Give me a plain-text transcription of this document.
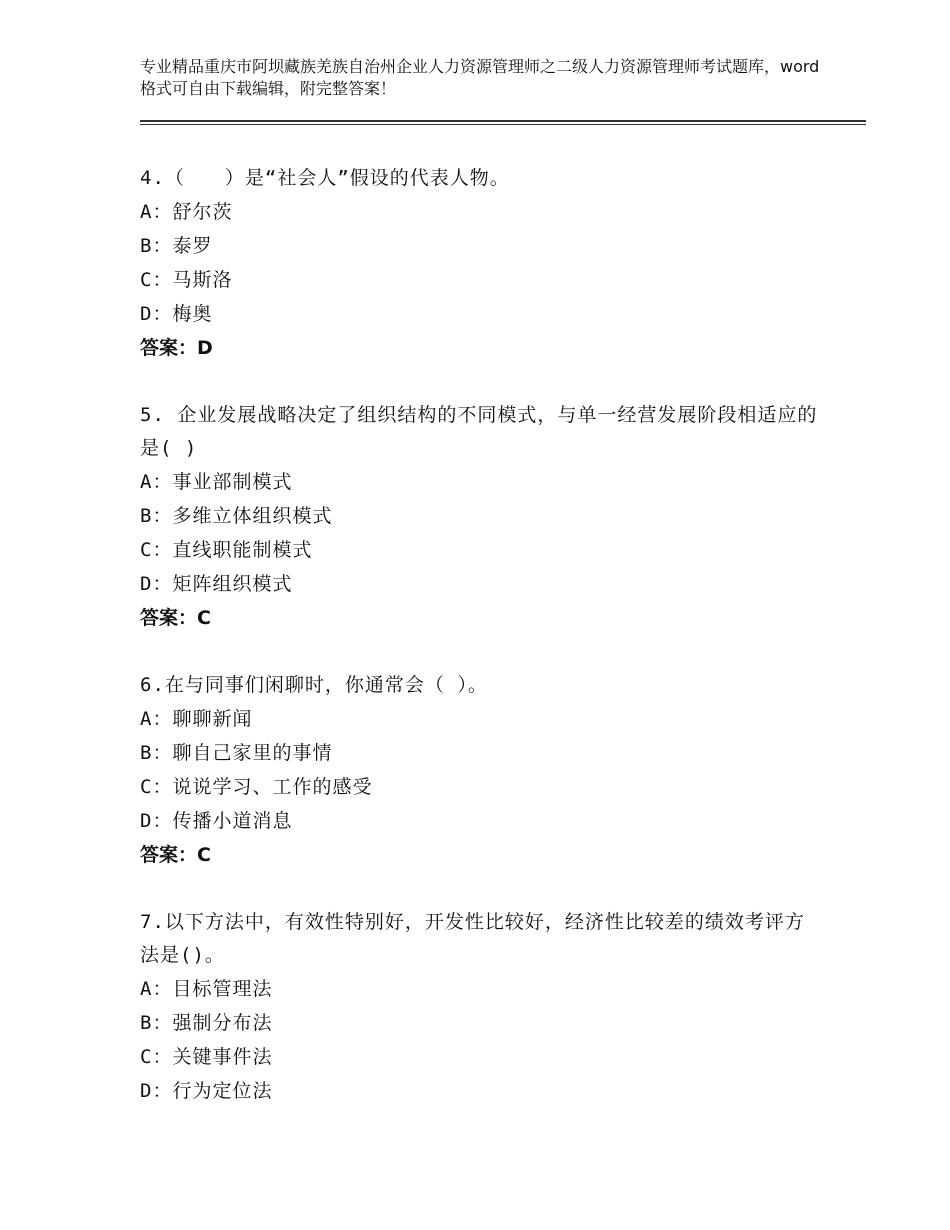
专业精品重庆市阿坝藏族羌族自治州企业人力资源管理师之二级人力资源管理师考试题库，word格式可自由下载编辑，附完整答案！

4.（　　）是“社会人”假设的代表人物。

A：舒尔茨

B：泰罗

C：马斯洛

D：梅奥

答案：D

5. 企业发展战略决定了组织结构的不同模式，与单一经营发展阶段相适应的是( )

A：事业部制模式

B：多维立体组织模式

C：直线职能制模式

D：矩阵组织模式

答案：C

6.在与同事们闲聊时，你通常会（ ）。

A：聊聊新闻

B：聊自己家里的事情

C：说说学习、工作的感受

D：传播小道消息

答案：C

7.以下方法中，有效性特别好，开发性比较好，经济性比较差的绩效考评方法是()。

A：目标管理法

B：强制分布法

C：关键事件法

D：行为定位法
